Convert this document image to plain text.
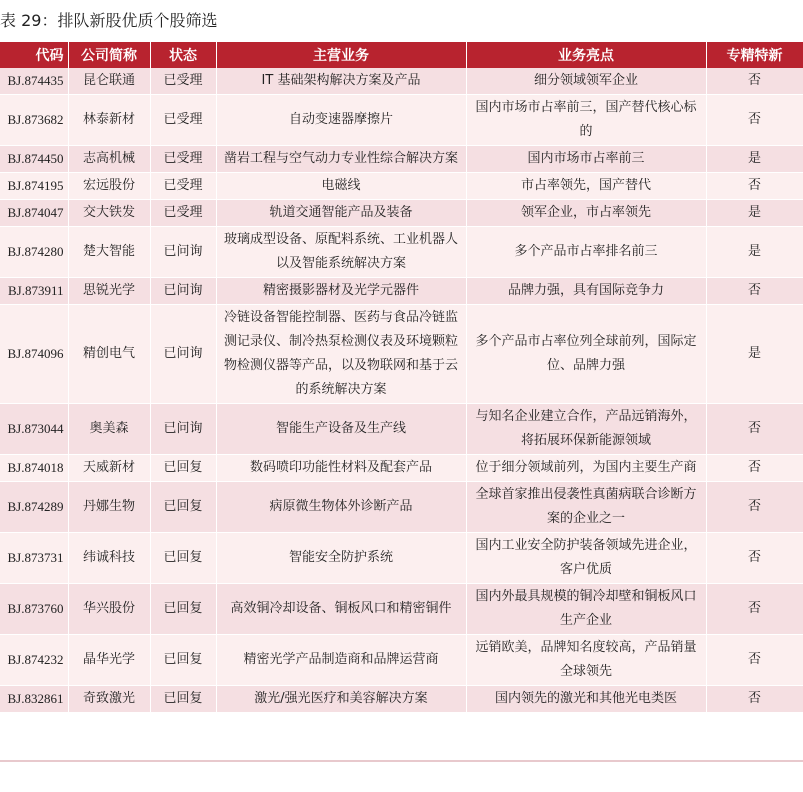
表 29：排队新股优质个股筛选
代码	公司简称	状态	主营业务	业务亮点	专精特新
874435.BJ	昆仑联通	已受理	IT 基础架构解决方案及产品	细分领域领军企业	否
873682.BJ	林泰新材	已受理	自动变速器摩擦片	国内市场市占率前三，国产替代核心标的	否
874450.BJ	志高机械	已受理	凿岩工程与空气动力专业性综合解决方案	国内市场市占率前三	是
874195.BJ	宏远股份	已受理	电磁线	市占率领先，国产替代	否
874047.BJ	交大铁发	已受理	轨道交通智能产品及装备	领军企业，市占率领先	是
874280.BJ	楚大智能	已问询	玻璃成型设备、原配料系统、工业机器人以及智能系统解决方案	多个产品市占率排名前三	是
873911.BJ	思锐光学	已问询	精密摄影器材及光学元器件	品牌力强，具有国际竞争力	否
874096.BJ	精创电气	已问询	冷链设备智能控制器、医药与食品冷链监测记录仪、制冷热泵检测仪表及环境颗粒物检测仪器等产品，以及物联网和基于云的系统解决方案	多个产品市占率位列全球前列，国际定位、品牌力强	是
873044.BJ	奥美森	已问询	智能生产设备及生产线	与知名企业建立合作，产品远销海外，将拓展环保新能源领域	否
874018.BJ	天威新材	已回复	数码喷印功能性材料及配套产品	位于细分领域前列，为国内主要生产商	否
874289.BJ	丹娜生物	已回复	病原微生物体外诊断产品	全球首家推出侵袭性真菌病联合诊断方案的企业之一	否
873731.BJ	纬诚科技	已回复	智能安全防护系统	国内工业安全防护装备领域先进企业，客户优质	否
873760.BJ	华兴股份	已回复	高效铜冷却设备、铜板风口和精密铜件	国内外最具规模的铜冷却壁和铜板风口生产企业	否
874232.BJ	晶华光学	已回复	精密光学产品制造商和品牌运营商	远销欧美，品牌知名度较高，产品销量全球领先	否
832861.BJ	奇致激光	已回复	激光/强光医疗和美容解决方案	国内领先的激光和其他光电类医	否
